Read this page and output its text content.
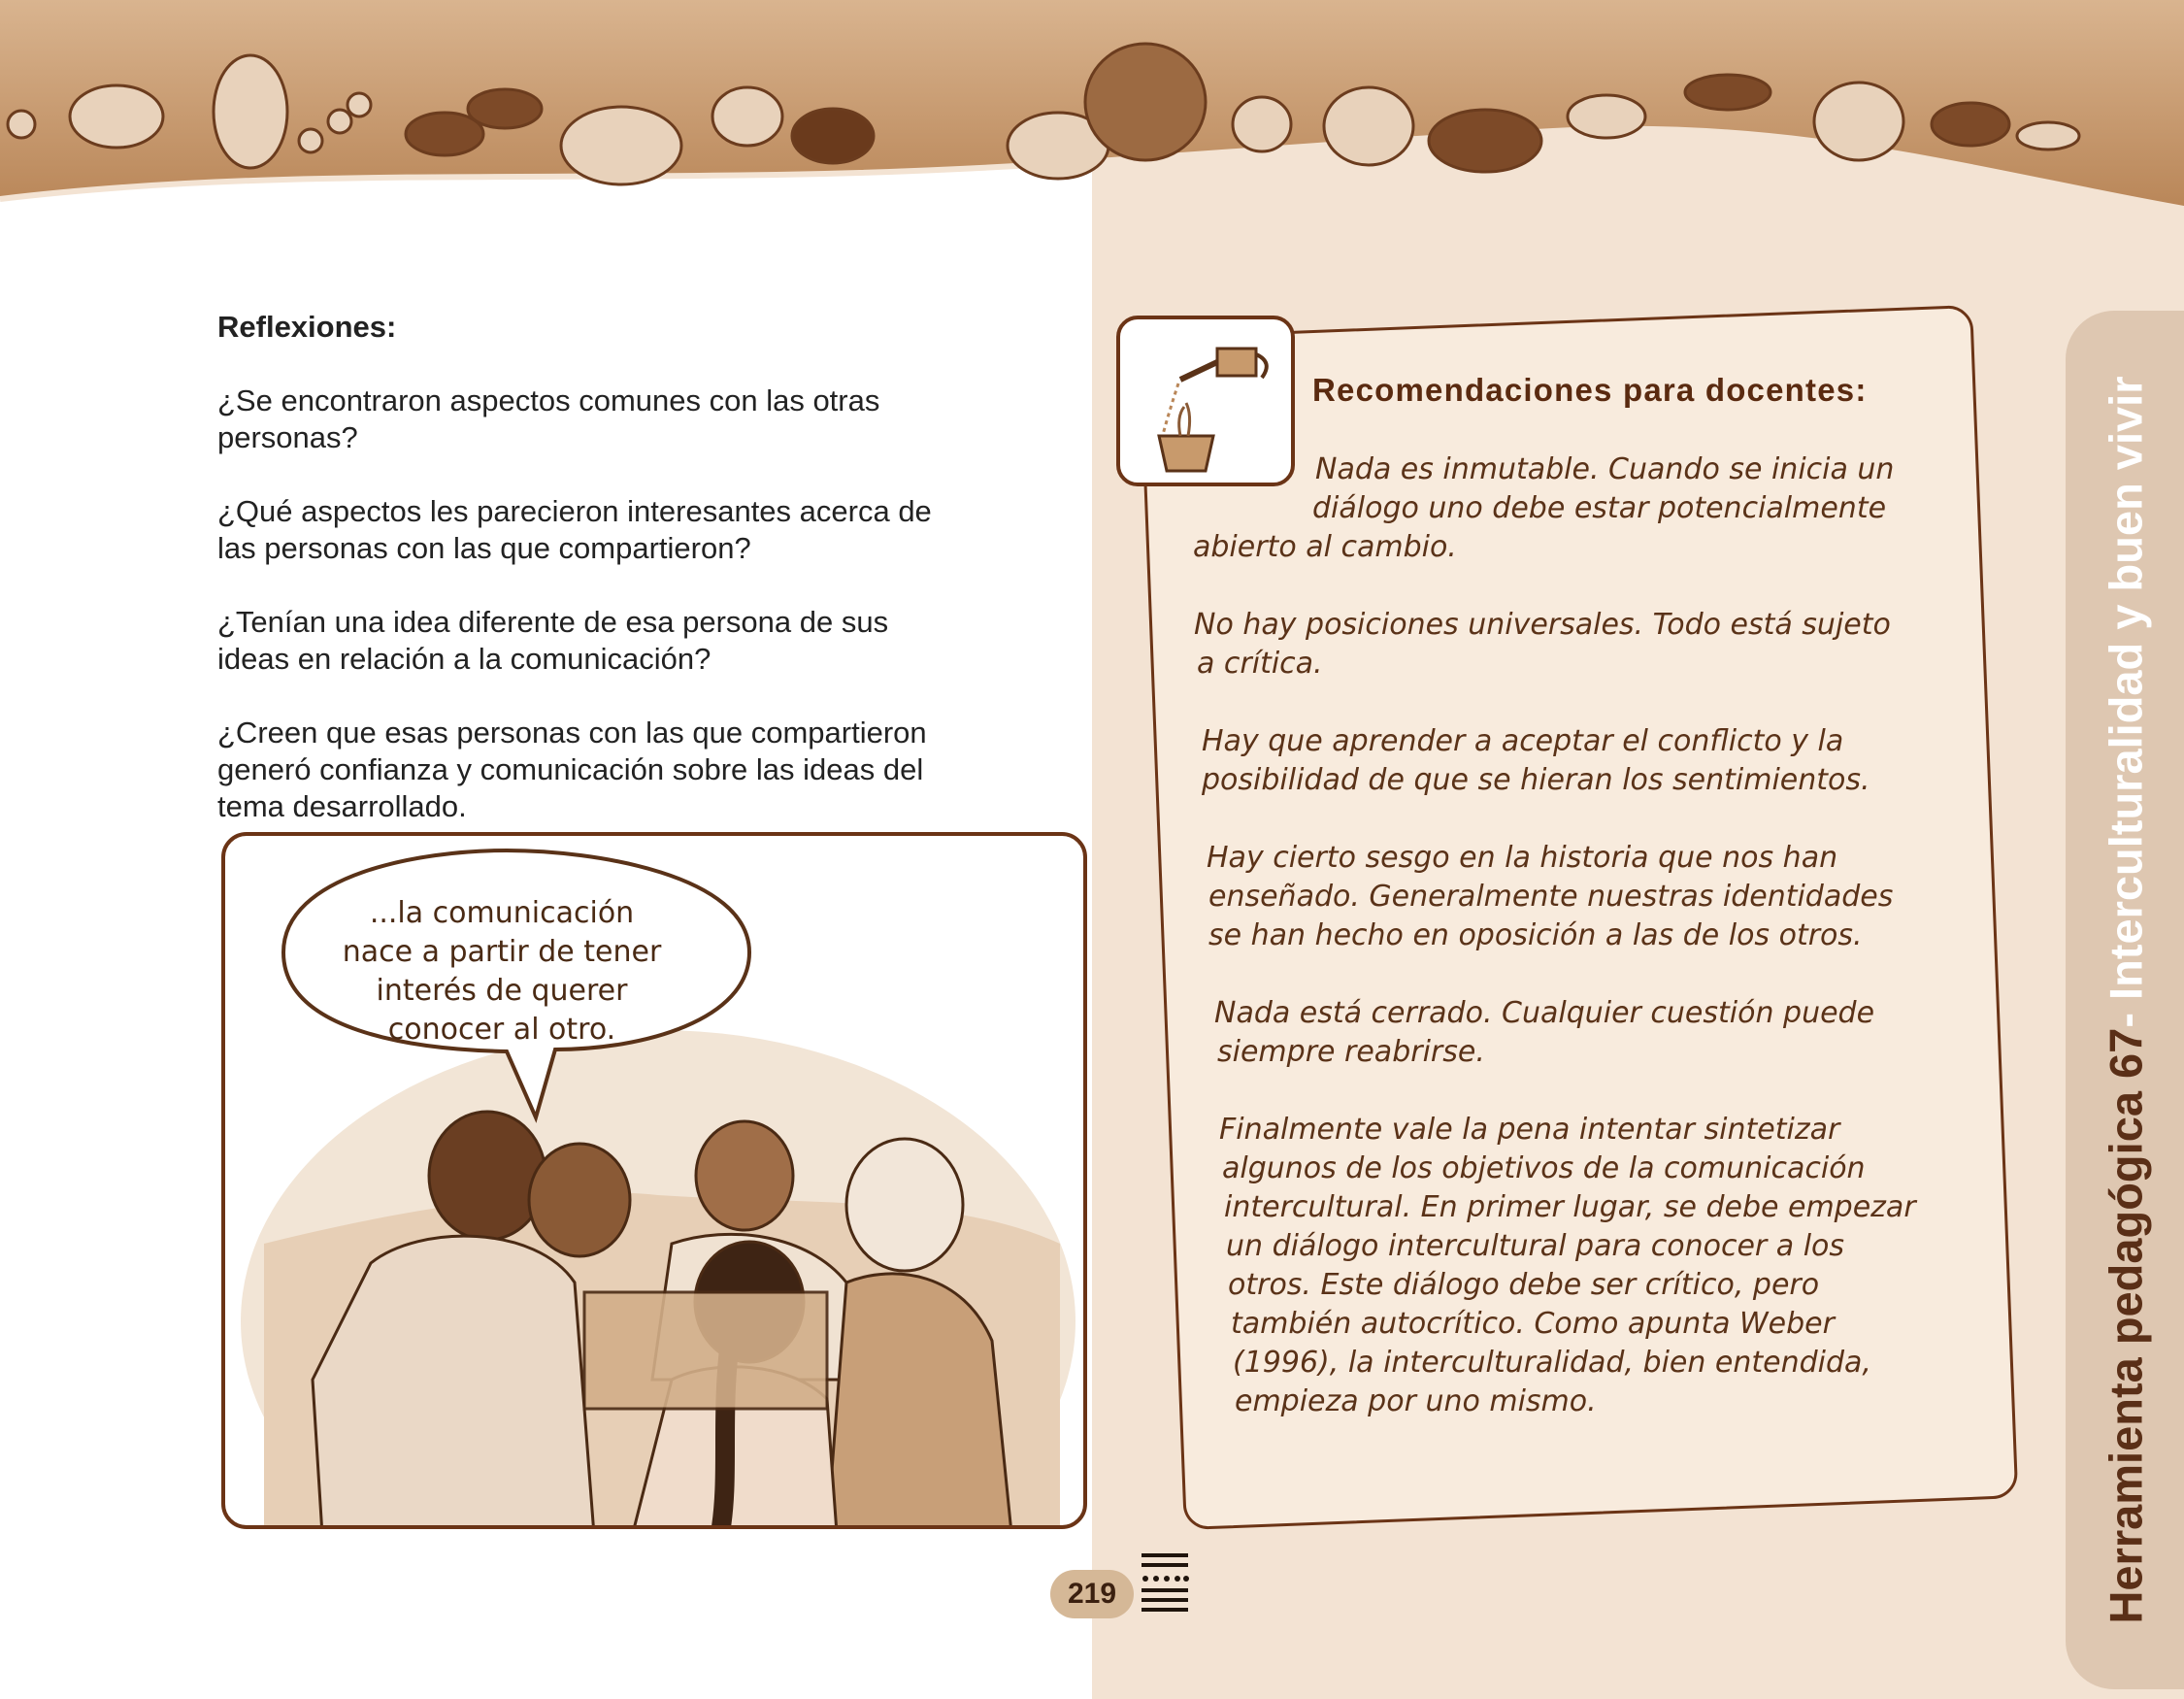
Reflexiones:
¿Se encontraron aspectos comunes con las otras personas?
¿Qué aspectos les parecieron interesantes acerca de las personas con las que compartieron?
¿Tenían una idea diferente de esa persona de sus ideas en relación a la comunicación?
¿Creen que esas personas con las que compartieron generó confianza y comunicación sobre las ideas del tema desarrollado.
...la comunicación
nace a partir de tener
interés de querer
conocer al otro.
Recomendaciones para docentes:
Nada es inmutable. Cuando se inicia un
diálogo uno debe estar potencialmente
abierto al cambio.
No hay posiciones universales. Todo está sujeto
a crítica.
Hay que aprender a aceptar el conflicto y la
posibilidad de que se hieran los sentimientos.
Hay cierto sesgo en la historia que nos han
enseñado. Generalmente nuestras identidades
se han hecho en oposición a las de los otros.
Nada está cerrado. Cualquier cuestión puede
siempre reabrirse.
Finalmente vale la pena intentar sintetizar
algunos de los objetivos de la comunicación
intercultural. En primer lugar, se debe empezar
un diálogo intercultural para conocer a los
otros. Este diálogo debe ser crítico, pero
también autocrítico. Como apunta Weber
(1996), la interculturalidad, bien entendida,
empieza por uno mismo.	Herramienta pedagógica 67- Interculturalidad y buen vivir
219
